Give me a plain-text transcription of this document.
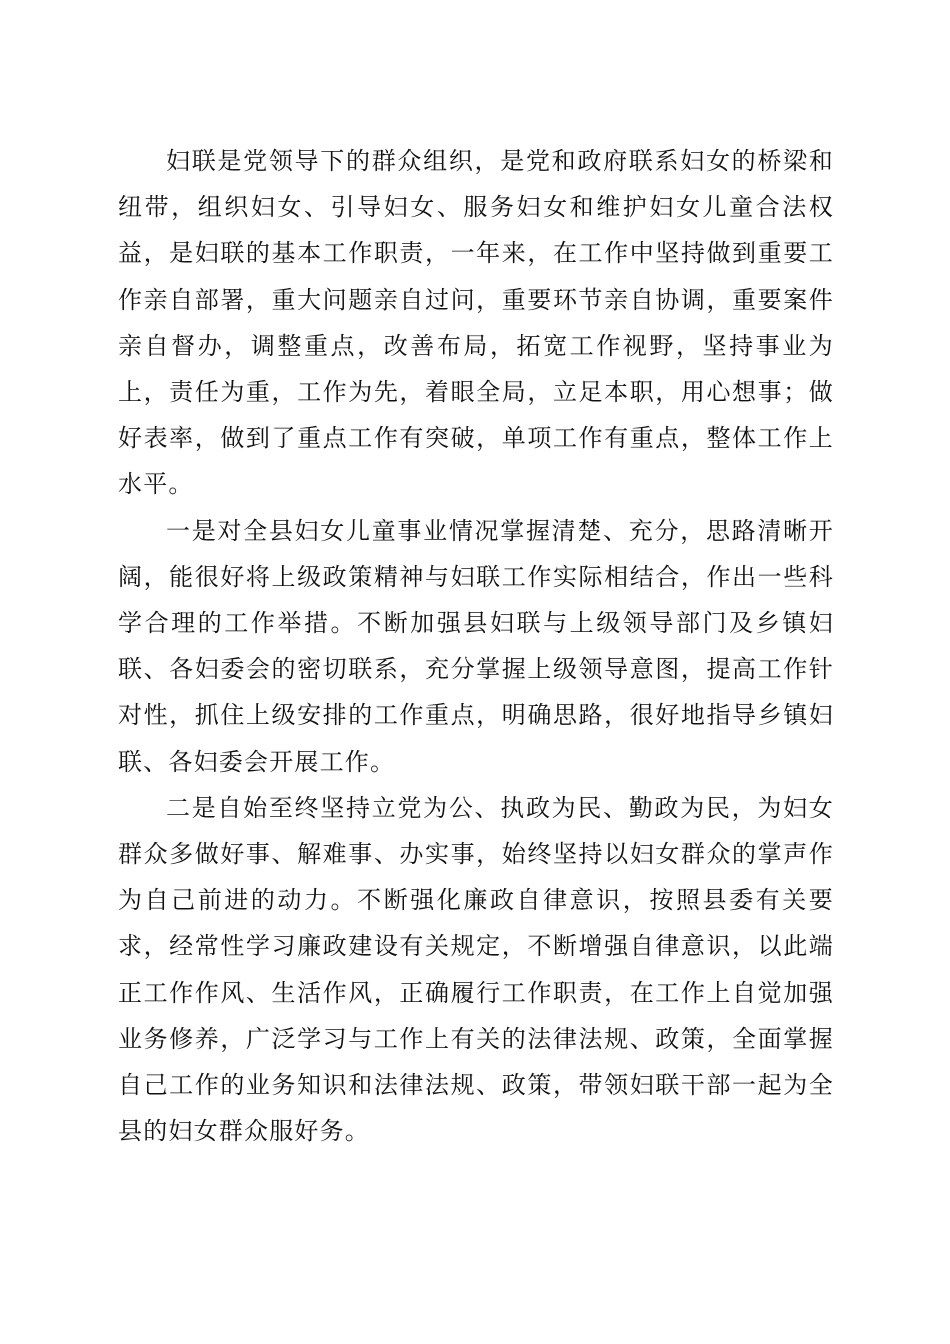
妇联是党领导下的群众组织，是党和政府联系妇女的桥梁和纽带，组织妇女、引导妇女、服务妇女和维护妇女儿童合法权益，是妇联的基本工作职责，一年来，在工作中坚持做到重要工作亲自部署，重大问题亲自过问，重要环节亲自协调，重要案件亲自督办，调整重点，改善布局，拓宽工作视野，坚持事业为上，责任为重，工作为先，着眼全局，立足本职，用心想事；做好表率，做到了重点工作有突破，单项工作有重点，整体工作上水平。

一是对全县妇女儿童事业情况掌握清楚、充分，思路清晰开阔，能很好将上级政策精神与妇联工作实际相结合，作出一些科学合理的工作举措。不断加强县妇联与上级领导部门及乡镇妇联、各妇委会的密切联系，充分掌握上级领导意图，提高工作针对性，抓住上级安排的工作重点，明确思路，很好地指导乡镇妇联、各妇委会开展工作。

二是自始至终坚持立党为公、执政为民、勤政为民，为妇女群众多做好事、解难事、办实事，始终坚持以妇女群众的掌声作为自己前进的动力。不断强化廉政自律意识，按照县委有关要求，经常性学习廉政建设有关规定，不断增强自律意识，以此端正工作作风、生活作风，正确履行工作职责，在工作上自觉加强业务修养，广泛学习与工作上有关的法律法规、政策，全面掌握自己工作的业务知识和法律法规、政策，带领妇联干部一起为全县的妇女群众服好务。
